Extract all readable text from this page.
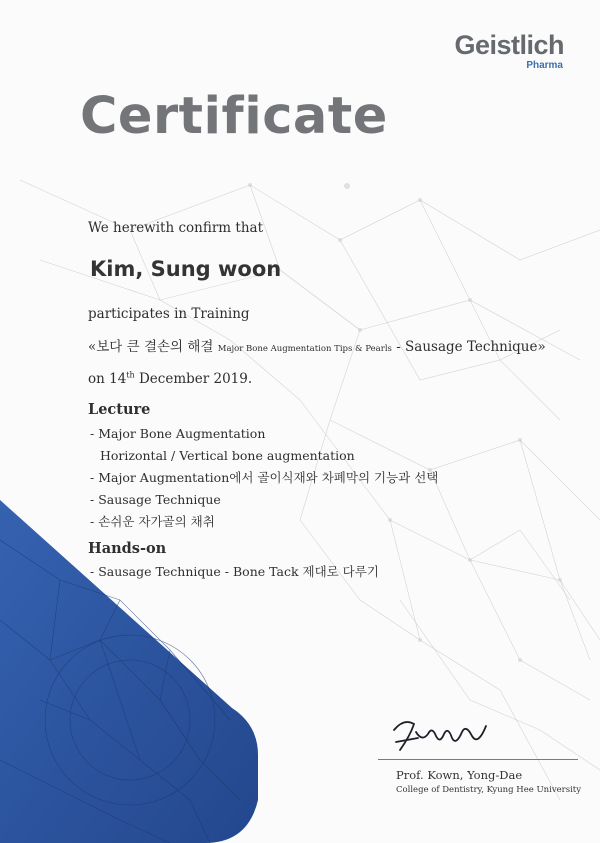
Geistlich
Pharma
Certificate
We herewith confirm that
Kim, Sung woon
participates in Training
«보다 큰 결손의 해결 Major Bone Augmentation Tips & Pearls - Sausage Technique»
on 14th December 2019.
Lecture
- Major Bone Augmentation
Horizontal / Vertical bone augmentation
- Major Augmentation에서 골이식재와 차폐막의 기능과 선택
- Sausage Technique
- 손쉬운 자가골의 채취
Hands-on
- Sausage Technique - Bone Tack 제대로 다루기
Prof. Kown, Yong-Dae
College of Dentistry, Kyung Hee University
